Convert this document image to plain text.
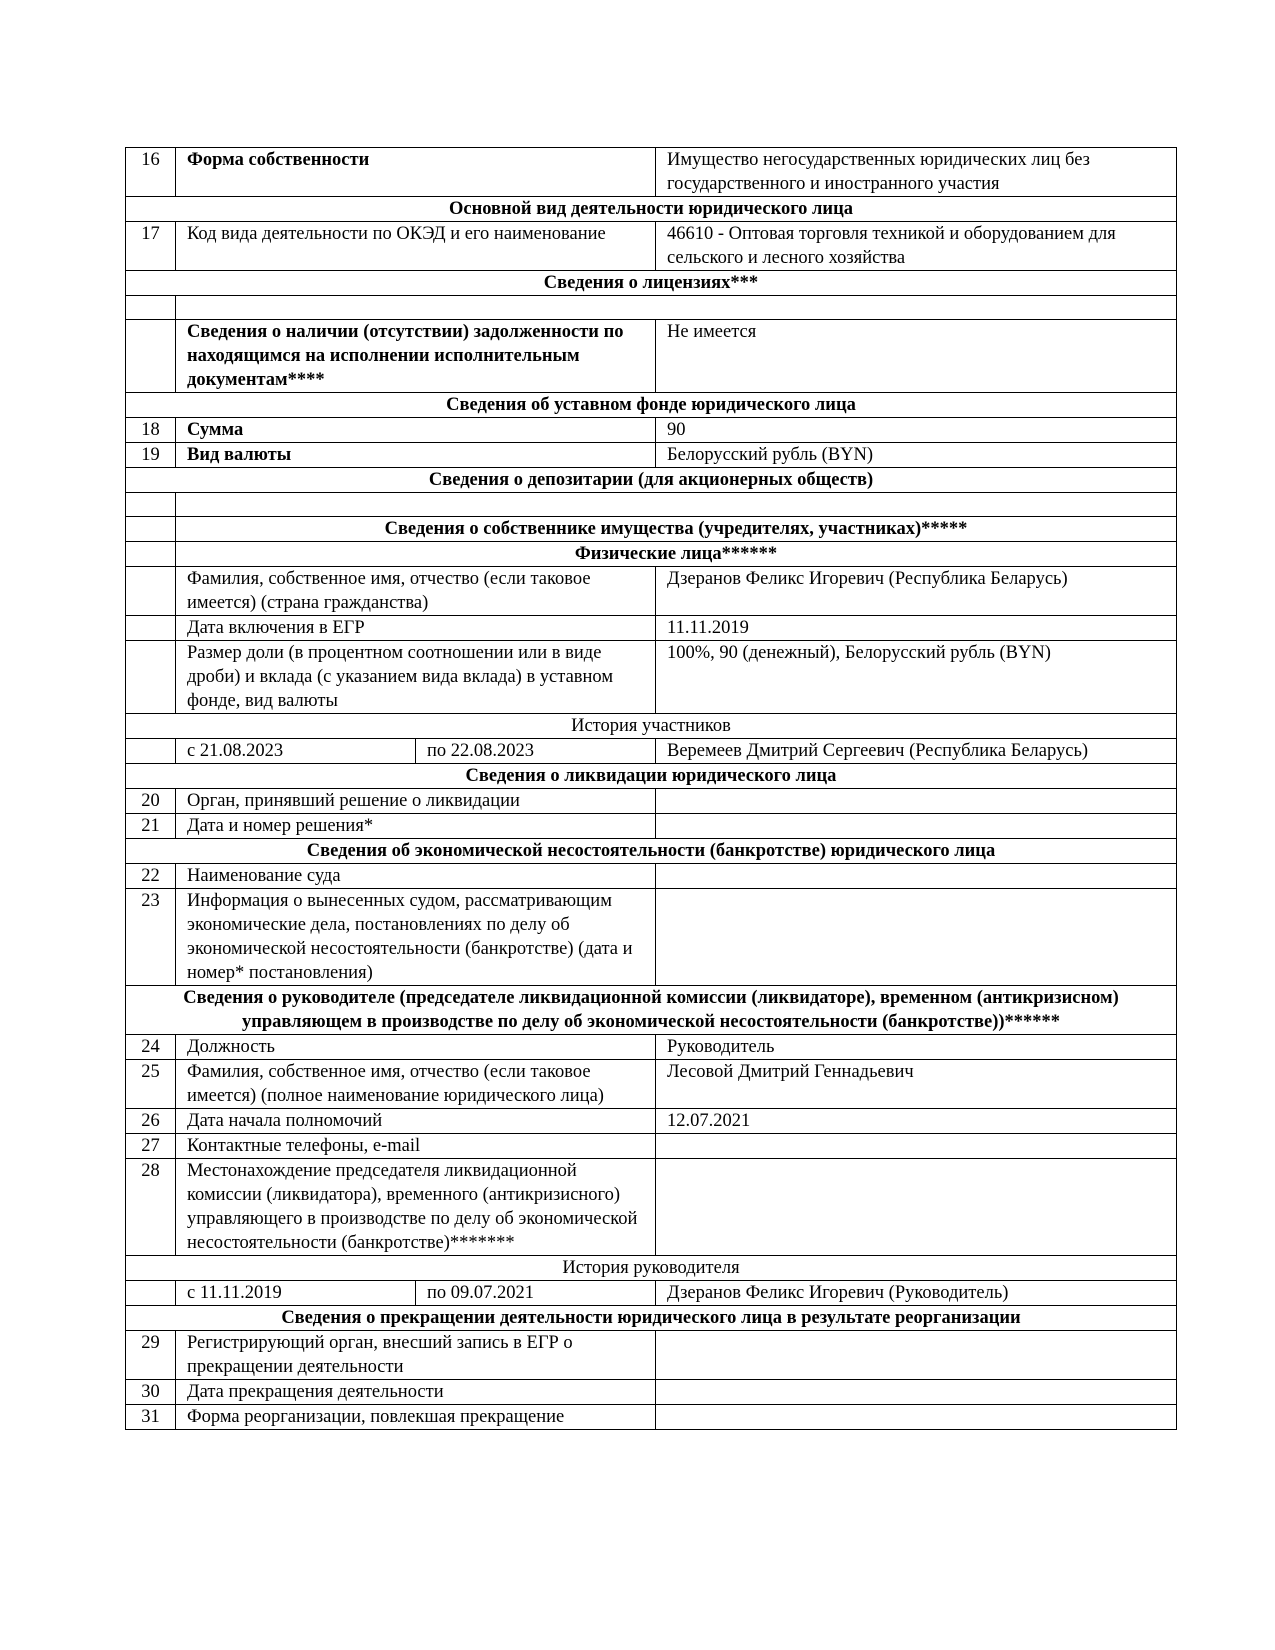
16	Форма собственности		Имущество негосударственных юридических лиц без государственного и иностранного участия
Основной вид деятельности юридического лица			
17	Код вида деятельности по ОКЭД и его наименование		46610 - Оптовая торговля техникой и оборудованием для сельского и лесного хозяйства
Сведения о лицензиях***			

	Сведения о наличии (отсутствии) задолженности по находящимся на исполнении исполнительным документам****		Не имеется
Сведения об уставном фонде юридического лица			
18	Сумма		90
19	Вид валюты		Белорусский рубль (BYN)
Сведения о депозитарии (для акционерных обществ)			

	Сведения о собственнике имущества (учредителях, участниках)*****		
	Физические лица******		
	Фамилия, собственное имя, отчество (если таковое имеется) (страна гражданства)		Дзеранов Феликс Игоревич (Республика Беларусь)
	Дата включения в ЕГР		11.11.2019
	Размер доли (в процентном соотношении или в виде дроби) и вклада (с указанием вида вклада) в уставном фонде, вид валюты		100%, 90 (денежный), Белорусский рубль (BYN)
История участников			
	с 21.08.2023	по 22.08.2023	Веремеев Дмитрий Сергеевич (Республика Беларусь)
Сведения о ликвидации юридического лица			
20	Орган, принявший решение о ликвидации		
21	Дата и номер решения*		
Сведения об экономической несостоятельности (банкротстве) юридического лица			
22	Наименование суда		
23	Информация о вынесенных судом, рассматривающим экономические дела, постановлениях по делу об экономической несостоятельности (банкротстве) (дата и номер* постановления)		
Сведения о руководителе (председателе ликвидационной комиссии (ликвидаторе), временном (антикризисном) управляющем в производстве по делу об экономической несостоятельности (банкротстве))******			
24	Должность		Руководитель
25	Фамилия, собственное имя, отчество (если таковое имеется) (полное наименование юридического лица)		Лесовой Дмитрий Геннадьевич
26	Дата начала полномочий		12.07.2021
27	Контактные телефоны, e-mail		
28	Местонахождение председателя ликвидационной комиссии (ликвидатора), временного (антикризисного) управляющего в производстве по делу об экономической несостоятельности (банкротстве)*******		
История руководителя			
	с 11.11.2019	по 09.07.2021	Дзеранов Феликс Игоревич (Руководитель)
Сведения о прекращении деятельности юридического лица в результате реорганизации			
29	Регистрирующий орган, внесший запись в ЕГР о прекращении деятельности		
30	Дата прекращения деятельности		
31	Форма реорганизации, повлекшая прекращение		
